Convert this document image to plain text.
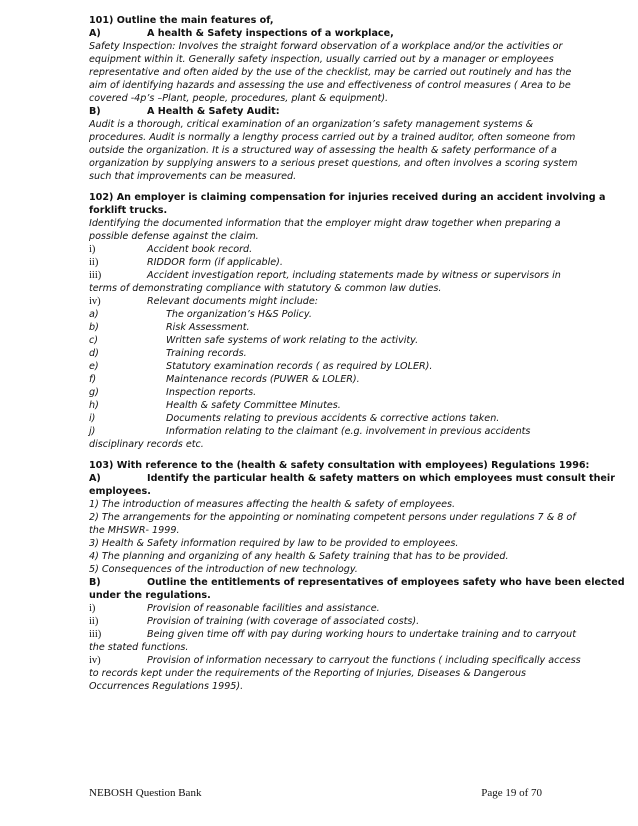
101) Outline the main features of,
A)	A health & Safety inspections of a workplace,
Safety Inspection: Involves the straight forward observation of a workplace and/or the activities or
equipment within it. Generally safety inspection, usually carried out by a manager or employees
representative and often aided by the use of the checklist, may be carried out routinely and has the
aim of identifying hazards and assessing the use and effectiveness of control measures ( Area to be
covered -4p’s –Plant, people, procedures, plant & equipment).
B)	A Health & Safety Audit:
Audit is a thorough, critical examination of an organization’s safety management systems &
procedures. Audit is normally a lengthy process carried out by a trained auditor, often someone from
outside the organization. It is a structured way of assessing the health & safety performance of a
organization by supplying answers to a serious preset questions, and often involves a scoring system
such that improvements can be measured.
102) An employer is claiming compensation for injuries received during an accident involving a
forklift trucks.
Identifying the documented information that the employer might draw together when preparing a
possible defense against the claim.
i)	Accident book record.
ii)	RIDDOR form (if applicable).
iii)	Accident investigation report, including statements made by witness or supervisors in
terms of demonstrating compliance with statutory & common law duties.
iv)	Relevant documents might include:
a)	The organization’s H&S Policy.
b)	Risk Assessment.
c)	Written safe systems of work relating to the activity.
d)	Training records.
e)	Statutory examination records ( as required by LOLER).
f)	Maintenance records (PUWER & LOLER).
g)	Inspection reports.
h)	Health & safety Committee Minutes.
i)	Documents relating to previous accidents & corrective actions taken.
j)	Information relating to the claimant (e.g. involvement in previous accidents
disciplinary records etc.
103) With reference to the (health & safety consultation with employees) Regulations 1996:
A)	Identify the particular health & safety matters on which employees must consult their
employees.
1) The introduction of measures affecting the health & safety of employees.
2) The arrangements for the appointing or nominating competent persons under regulations 7 & 8 of
the MHSWR- 1999.
3) Health & Safety information required by law to be provided to employees.
4) The planning and organizing of any health & Safety training that has to be provided.
5) Consequences of the introduction of new technology.
B)	Outline the entitlements of representatives of employees safety who have been elected
under the regulations.
i)	Provision of reasonable facilities and assistance.
ii)	Provision of training (with coverage of associated costs).
iii)	Being given time off with pay during working hours to undertake training and to carryout
the stated functions.
iv)	Provision of information necessary to carryout the functions ( including specifically access
to records kept under the requirements of the Reporting of Injuries, Diseases & Dangerous
Occurrences Regulations 1995).
NEBOSH Question Bank	Page 19 of 70
